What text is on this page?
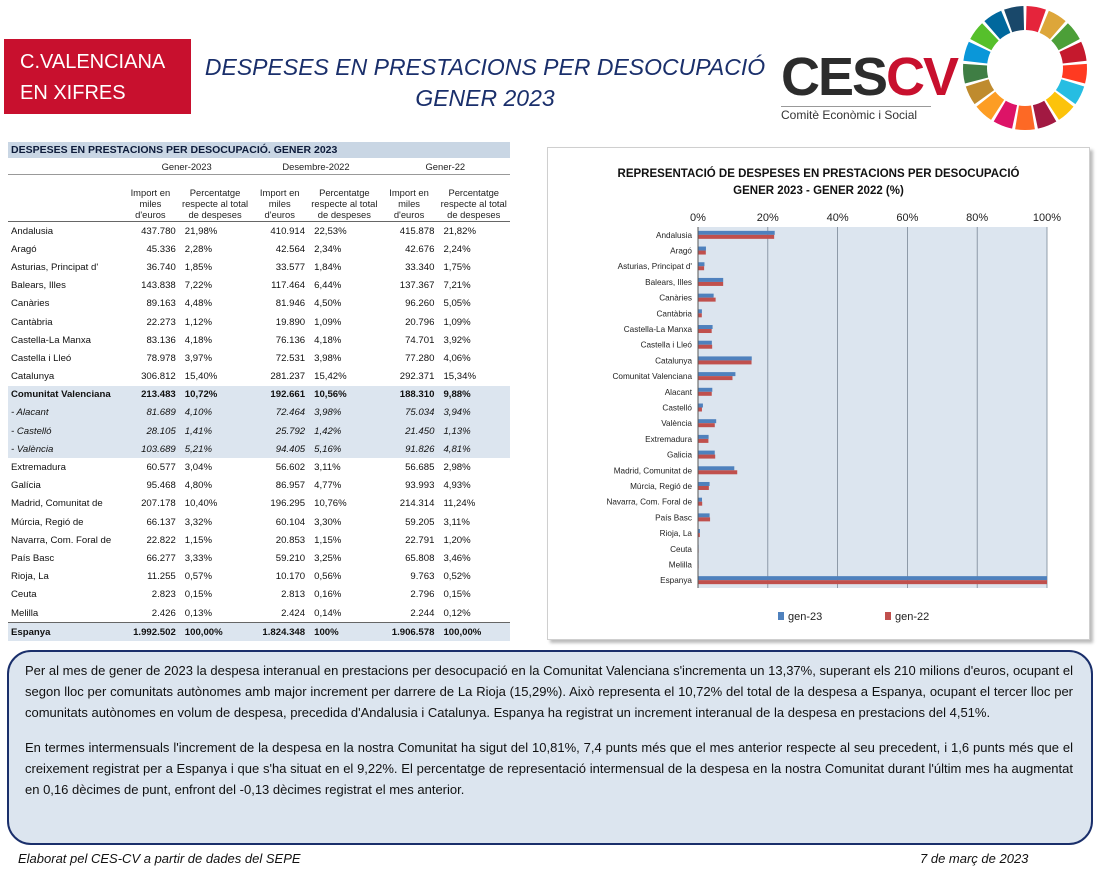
C.VALENCIANA
EN XIFRES
DESPESES EN PRESTACIONS PER DESOCUPACIÓ
GENER 2023	CESCV
Comitè Econòmic i Social
DESPESES EN PRESTACIONS PER DESOCUPACIÓ. GENER 2023						
	Gener-2023		Desembre-2022		Gener-22	
	Import en miles d'euros	Percentatge respecte al total de despeses	Import en miles d'euros	Percentatge respecte al total de despeses	Import en miles d'euros	Percentatge respecte al total de despeses
Andalusia	437.780	21,98%	410.914	22,53%	415.878	21,82%
Aragó	45.336	2,28%	42.564	2,34%	42.676	2,24%
Asturias, Principat d'	36.740	1,85%	33.577	1,84%	33.340	1,75%
Balears, Illes	143.838	7,22%	117.464	6,44%	137.367	7,21%
Canàries	89.163	4,48%	81.946	4,50%	96.260	5,05%
Cantàbria	22.273	1,12%	19.890	1,09%	20.796	1,09%
Castella-La Manxa	83.136	4,18%	76.136	4,18%	74.701	3,92%
Castella i Lleó	78.978	3,97%	72.531	3,98%	77.280	4,06%
Catalunya	306.812	15,40%	281.237	15,42%	292.371	15,34%
Comunitat Valenciana	213.483	10,72%	192.661	10,56%	188.310	9,88%
- Alacant	81.689	4,10%	72.464	3,98%	75.034	3,94%
- Castelló	28.105	1,41%	25.792	1,42%	21.450	1,13%
- València	103.689	5,21%	94.405	5,16%	91.826	4,81%
Extremadura	60.577	3,04%	56.602	3,11%	56.685	2,98%
Galícia	95.468	4,80%	86.957	4,77%	93.993	4,93%
Madrid, Comunitat de	207.178	10,40%	196.295	10,76%	214.314	11,24%
Múrcia, Regió de	66.137	3,32%	60.104	3,30%	59.205	3,11%
Navarra, Com. Foral de	22.822	1,15%	20.853	1,15%	22.791	1,20%
País Basc	66.277	3,33%	59.210	3,25%	65.808	3,46%
Rioja, La	11.255	0,57%	10.170	0,56%	9.763	0,52%
Ceuta	2.823	0,15%	2.813	0,16%	2.796	0,15%
Melilla	2.426	0,13%	2.424	0,14%	2.244	0,12%
Espanya	1.992.502	100,00%	1.824.348	100%	1.906.578	100,00%
REPRESENTACIÓ DE DESPESES EN PRESTACIONS PER DESOCUPACIÓ
GENER 2023 - GENER 2022 (%)
0%	20%	40%	60%	80%	100%
Andalusia
Aragó
Asturias, Principat d'
Balears, Illes
Canàries
Cantàbria
Castella-La Manxa
Castella i Lleó
Catalunya
Comunitat Valenciana
Alacant
Castelló
València
Extremadura
Galicia
Madrid, Comunitat de
Múrcia, Regió de
Navarra, Com. Foral de
País Basc
Rioja, La
Ceuta
Melilla
Espanya
gen-23	gen-22

Per al mes de gener de 2023 la despesa interanual en prestacions per desocupació en la Comunitat Valenciana s'incrementa un 13,37%, superant els 210 milions d'euros, ocupant el segon lloc per comunitats autònomes amb major increment per darrere de La Rioja (15,29%). Això representa el 10,72% del total de la despesa a Espanya, ocupant el tercer lloc per comunitats autònomes en volum de despesa, precedida d'Andalusia i Catalunya. Espanya ha registrat un increment interanual de la despesa en prestacions del 4,51%.

En termes intermensuals l'increment de la despesa en la nostra Comunitat ha sigut del 10,81%, 7,4 punts més que el mes anterior respecte al seu precedent, i 1,6 punts més que el creixement registrat per a Espanya i que s'ha situat en el 9,22%. El percentatge de representació intermensual de la despesa en la nostra Comunitat durant l'últim mes ha augmentat en 0,16 dècimes de punt, enfront del -0,13 dècimes registrat el mes anterior.

Elaborat pel CES-CV a partir de dades del SEPE	7 de març de 2023
